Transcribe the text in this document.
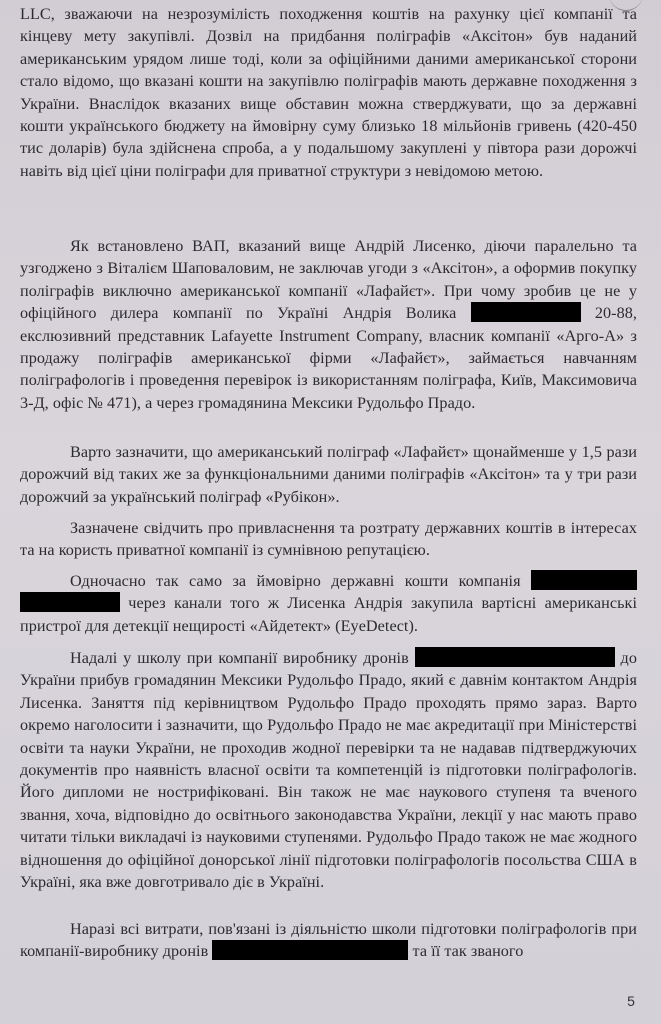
LLC, зважаючи на незрозумілість походження коштів на рахунку цієї компанії та кінцеву мету закупівлі. Дозвіл на придбання поліграфів «Аксітон» був наданий американським урядом лише тоді, коли за офіційними даними американської сторони стало відомо, що вказані кошти на закупівлю поліграфів мають державне походження з України. Внаслідок вказаних вище обставин можна стверджувати, що за державні кошти українського бюджету на ймовірну суму близько 18 мільйонів гривень (420-450 тис доларів) була здійснена спроба, а у подальшому закуплені у півтора рази дорожчі навіть від цієї ціни поліграфи для приватної структури з невідомою метою.

Як встановлено ВАП, вказаний вище Андрій Лисенко, діючи паралельно та узгоджено з Віталієм Шаповаловим, не заключав угоди з «Аксітон», а оформив покупку поліграфів виключно американської компанії «Лафайєт». При чому зробив це не у офіційного дилера компанії по Україні Андрія Волика	20-88, екслюзивний представник Lafayette Instrument Company, власник компанії «Арго-А» з продажу поліграфів американської фірми «Лафайєт», займається навчанням поліграфологів і проведення перевірок із використанням поліграфа, Київ, Максимовича 3-Д, офіс № 471), а через громадянина Мексики Рудольфо Прадо.

Варто зазначити, що американський поліграф «Лафайєт» щонайменше у 1,5 рази дорожчий від таких же за функціональними даними поліграфів «Аксітон» та у три рази дорожчий за український поліграф «Рубікон».

Зазначене свідчить про привласнення та розтрату державних коштів в інтересах та на користь приватної компанії із сумнівною репутацією.

Одночасно так само за ймовірно державні кошти компанія   через канали того ж Лисенка Андрія закупила вартісні американські пристрої для детекції нещирості «Айдетект» (EyeDetect).

Надалі у школу при компанії виробнику дронів	до України прибув громадянин Мексики Рудольфо Прадо, який є давнім контактом Андрія Лисенка. Заняття під керівництвом Рудольфо Прадо проходять прямо зараз. Варто окремо наголосити і зазначити, що Рудольфо Прадо не має акредитації при Міністерстві освіти та науки України, не проходив жодної перевірки та не надавав підтверджуючих документів про наявність власної освіти та компетенцій із підготовки поліграфологів. Його дипломи не нострифіковані. Він також не має наукового ступеня та вченого звання, хоча, відповідно до освітнього законодавства України, лекції у нас мають право читати тільки викладачі із науковими ступенями. Рудольфо Прадо також не має жодного відношення до офіційної донорської лінії підготовки поліграфологів посольства США в Україні, яка вже довготривало діє в Україні.

Наразі всі витрати, пов'язані із діяльністю школи підготовки поліграфологів при компанії-виробнику дронів	та її так званого

5
